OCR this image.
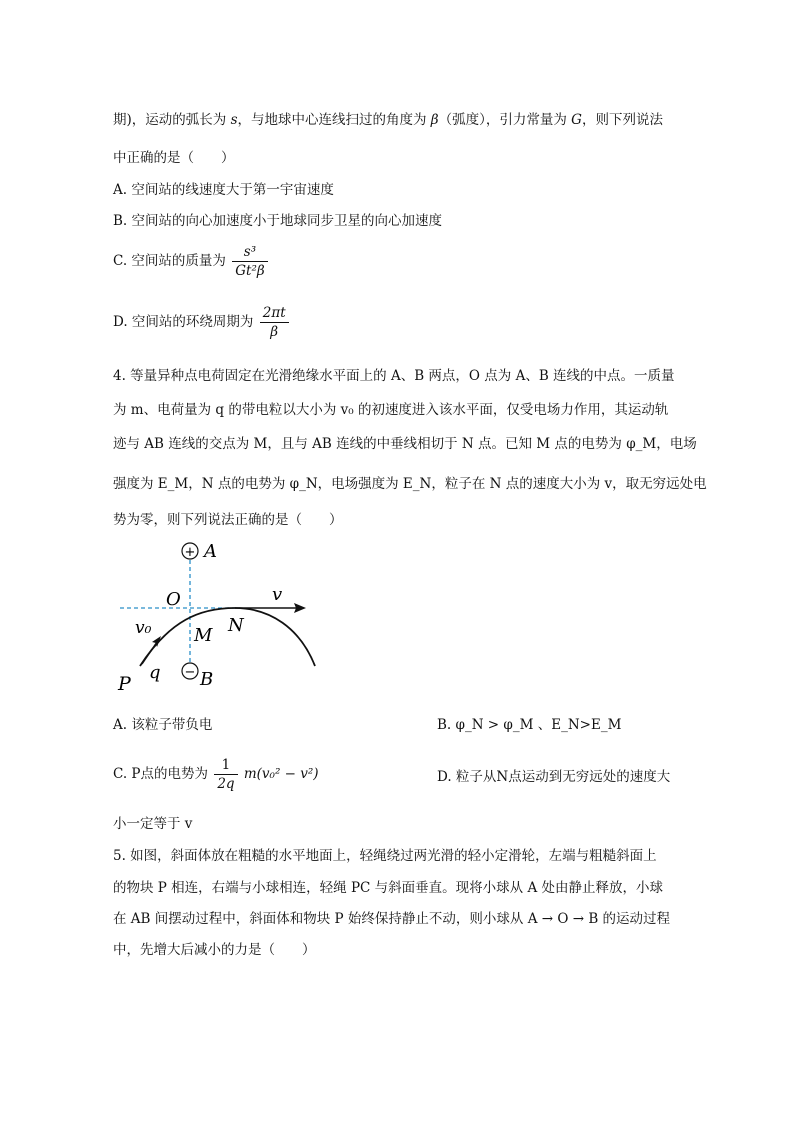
期)，运动的弧长为 s，与地球中心连线扫过的角度为 β（弧度），引力常量为 G，则下列说法
中正确的是（　　）
A. 空间站的线速度大于第一宇宙速度
B. 空间站的向心加速度小于地球同步卫星的向心加速度
C. 空间站的质量为 $\frac{\text{s³}}{\text{Gt²β}}$
D. 空间站的环绕周期为 $\frac{2\pi t}{\beta}$
4. 等量异种点电荷固定在光滑绝缘水平面上的 A、B 两点，O 点为 A、B 连线的中点。一质量
为 m、电荷量为 q 的带电粒以大小为 v₀ 的初速度进入该水平面，仅受电场力作用，其运动轨
迹与 AB 连线的交点为 M，且与 AB 连线的中垂线相切于 N 点。已知 M 点的电势为 φ_M，电场
强度为 E_M，N 点的电势为 φ_N，电场强度为 E_N，粒子在 N 点的速度大小为 v，取无穷远处电
势为零，则下列说法正确的是（　　）
+ A
− B
O	v
v₀ M N
P
q
A. 该粒子带负电	B. φ_N > φ_M 、E_N>E_M
C. P点的电势为 $\frac{1}{2q} m(v_0^2 - v^2)$	D. 粒子从N点运动到无穷远处的速度大
小一定等于 v
5. 如图，斜面体放在粗糙的水平地面上，轻绳绕过两光滑的轻小定滑轮，左端与粗糙斜面上
的物块 P 相连，右端与小球相连，轻绳 PC 与斜面垂直。现将小球从 A 处由静止释放，小球
在 AB 间摆动过程中，斜面体和物块 P 始终保持静止不动，则小球从 A → O → B 的运动过程
中，先增大后减小的力是（　　）
